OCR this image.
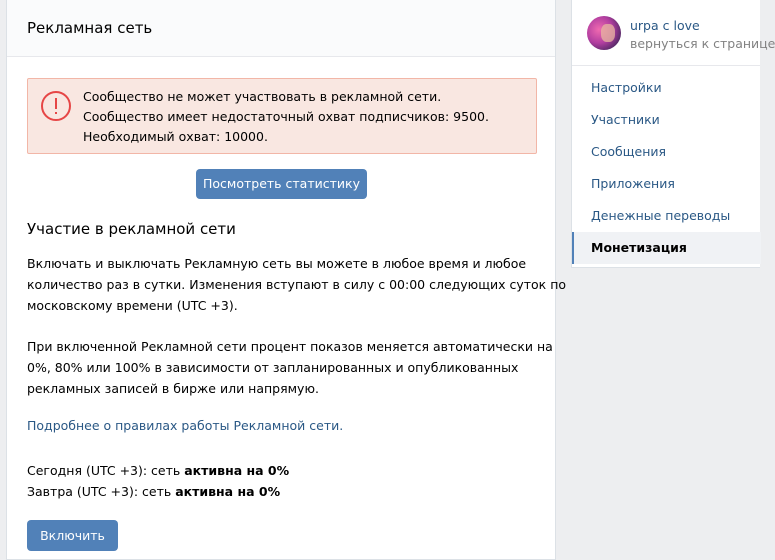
Рекламная сеть
Сообщество не может участвовать в рекламной сети.
Сообщество имеет недостаточный охват подписчиков: 9500.
Необходимый охват: 10000.
Посмотреть статистику
Участие в рекламной сети
Включать и выключать Рекламную сеть вы можете в любое время и любое
количество раз в сутки. Изменения вступают в силу с 00:00 следующих суток по
московскому времени (UTC +3).
При включенной Рекламной сети процент показов меняется автоматически на
0%, 80% или 100% в зависимости от запланированных и опубликованных
рекламных записей в бирже или напрямую.
Подробнее о правилах работы Рекламной сети.
Сегодня (UTC +3): сеть активна на 0%
Завтра (UTC +3): сеть активна на 0%
Включить
urpa c love
вернуться к странице
Настройки
Участники
Сообщения
Приложения
Денежные переводы
Монетизация
